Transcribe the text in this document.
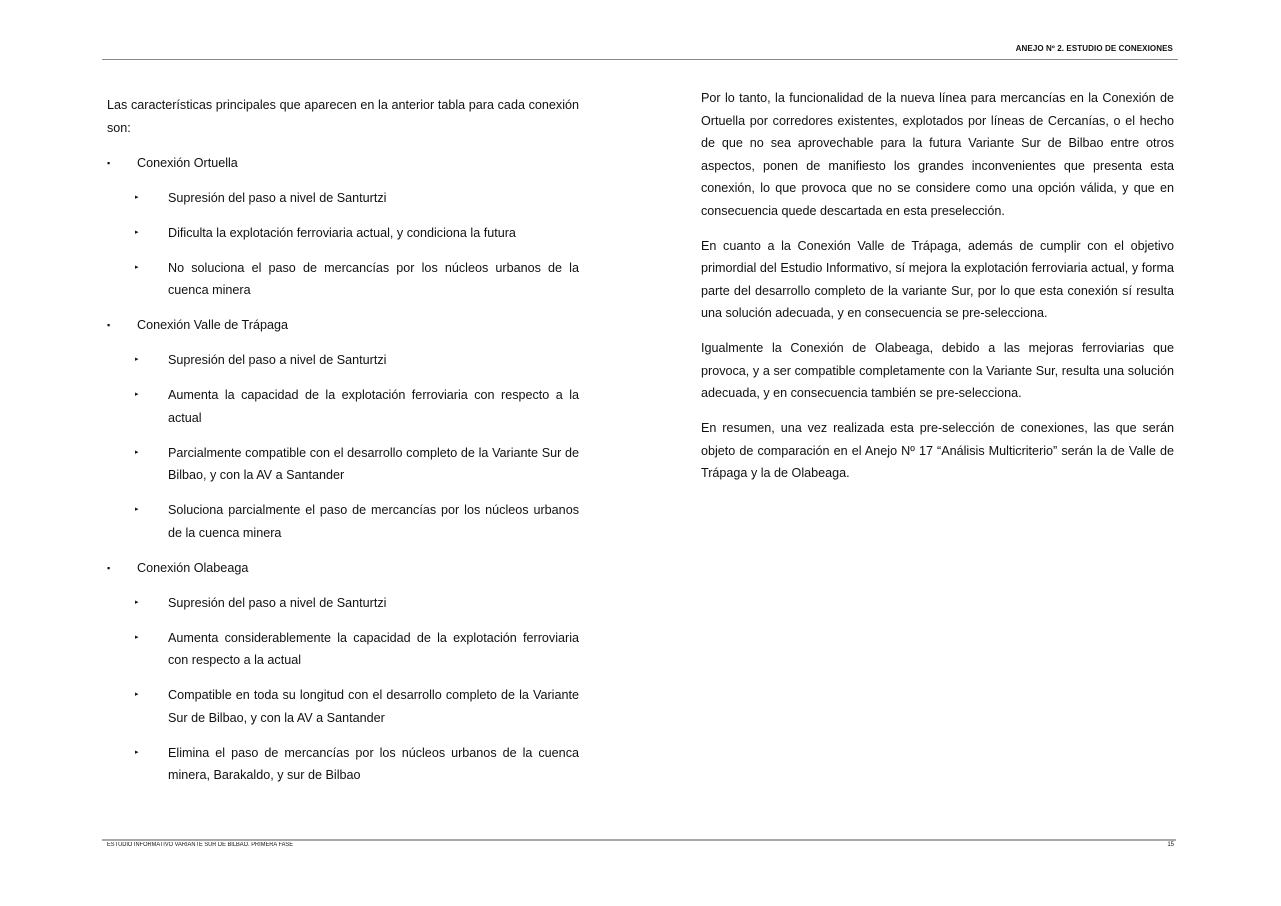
ANEJO Nº 2. ESTUDIO DE CONEXIONES

Las características principales que aparecen en la anterior tabla para cada conexión son:

▪ Conexión Ortuella
▸ Supresión del paso a nivel de Santurtzi
▸ Dificulta la explotación ferroviaria actual, y condiciona la futura
▸ No soluciona el paso de mercancías por los núcleos urbanos de la cuenca minera
▪ Conexión Valle de Trápaga
▸ Supresión del paso a nivel de Santurtzi
▸ Aumenta la capacidad de la explotación ferroviaria con respecto a la actual
▸ Parcialmente compatible con el desarrollo completo de la Variante Sur de Bilbao, y con la AV a Santander
▸ Soluciona parcialmente el paso de mercancías por los núcleos urbanos de la cuenca minera
▪ Conexión Olabeaga
▸ Supresión del paso a nivel de Santurtzi
▸ Aumenta considerablemente la capacidad de la explotación ferroviaria con respecto a la actual
▸ Compatible en toda su longitud con el desarrollo completo de la Variante Sur de Bilbao, y con la AV a Santander
▸ Elimina el paso de mercancías por los núcleos urbanos de la cuenca minera, Barakaldo, y sur de Bilbao

Por lo tanto, la funcionalidad de la nueva línea para mercancías en la Conexión de Ortuella por corredores existentes, explotados por líneas de Cercanías, o el hecho de que no sea aprovechable para la futura Variante Sur de Bilbao entre otros aspectos, ponen de manifiesto los grandes inconvenientes que presenta esta conexión, lo que provoca que no se considere como una opción válida, y que en consecuencia quede descartada en esta preselección.

En cuanto a la Conexión Valle de Trápaga, además de cumplir con el objetivo primordial del Estudio Informativo, sí mejora la explotación ferroviaria actual, y forma parte del desarrollo completo de la variante Sur, por lo que esta conexión sí resulta una solución adecuada, y en consecuencia se pre-selecciona.

Igualmente la Conexión de Olabeaga, debido a las mejoras ferroviarias que provoca, y a ser compatible completamente con la Variante Sur, resulta una solución adecuada, y en consecuencia también se pre-selecciona.

En resumen, una vez realizada esta pre-selección de conexiones, las que serán objeto de comparación en el Anejo Nº 17 “Análisis Multicriterio” serán la de Valle de Trápaga y la de Olabeaga.

ESTUDIO INFORMATIVO VARIANTE SUR DE BILBAO. PRIMERA FASE	15
